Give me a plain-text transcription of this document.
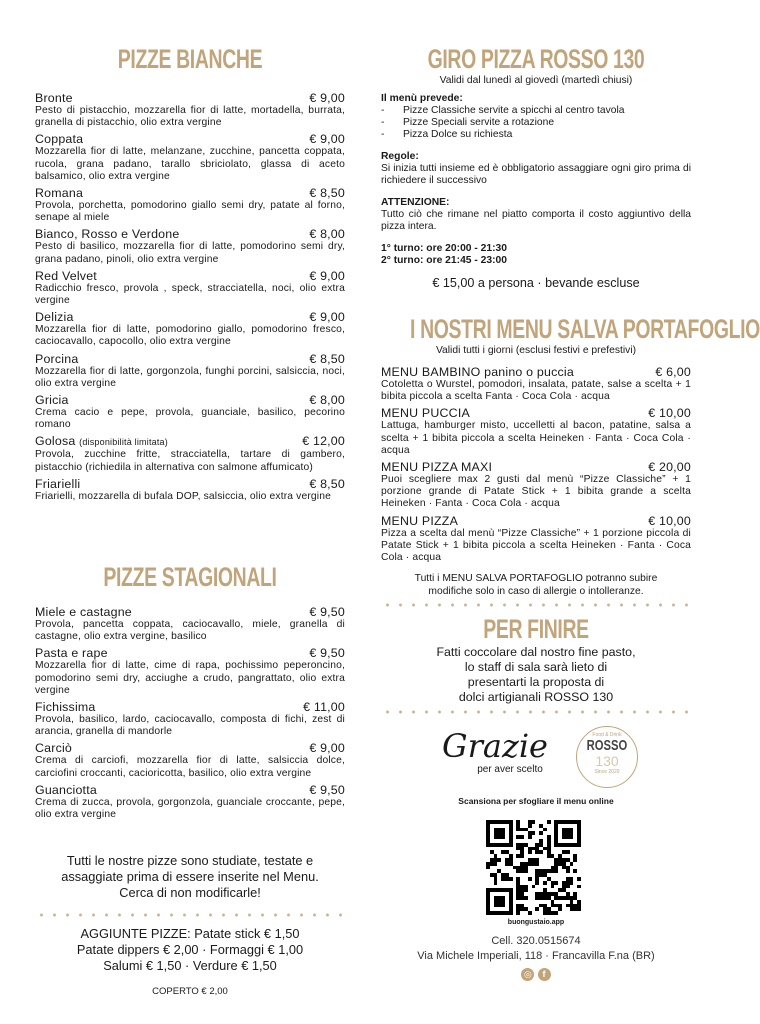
PIZZE BIANCHE
Bronte	€ 9,00
Pesto di pistacchio, mozzarella fior di latte, mortadella, burrata, granella di pistacchio, olio extra vergine
Coppata	€ 9,00
Mozzarella fior di latte, melanzane, zucchine, pancetta coppata, rucola, grana padano, tarallo sbriciolato, glassa di aceto balsamico, olio extra vergine
Romana	€ 8,50
Provola, porchetta, pomodorino giallo semi dry, patate al forno, senape al miele
Bianco, Rosso e Verdone	€ 8,00
Pesto di basilico, mozzarella fior di latte, pomodorino semi dry, grana padano, pinoli, olio extra vergine
Red Velvet	€ 9,00
Radicchio fresco, provola , speck, stracciatella, noci, olio extra vergine
Delizia	€ 9,00
Mozzarella fior di latte, pomodorino giallo, pomodorino fresco, caciocavallo, capocollo, olio extra vergine
Porcina	€ 8,50
Mozzarella fior di latte, gorgonzola, funghi porcini, salsiccia, noci, olio extra vergine
Gricia	€ 8,00
Crema cacio e pepe, provola, guanciale, basilico, pecorino romano
Golosa (disponibilità limitata)	€ 12,00
Provola, zucchine fritte, stracciatella, tartare di gambero, pistacchio (richiedila in alternativa con salmone affumicato)
Friarielli	€ 8,50
Friarielli, mozzarella di bufala DOP, salsiccia, olio extra vergine
PIZZE STAGIONALI
Miele e castagne	€ 9,50
Provola, pancetta coppata, caciocavallo, miele, granella di castagne, olio extra vergine, basilico
Pasta e rape	€ 9,50
Mozzarella fior di latte, cime di rapa, pochissimo peperoncino, pomodorino semi dry, acciughe a crudo, pangrattato, olio extra vergine
Fichissima	€ 11,00
Provola, basilico, lardo, caciocavallo, composta di fichi, zest di arancia, granella di mandorle
Carciò	€ 9,00
Crema di carciofi, mozzarella fior di latte, salsiccia dolce, carciofini croccanti, cacioricotta, basilico, olio extra vergine
Guanciotta	€ 9,50
Crema di zucca, provola, gorgonzola, guanciale croccante, pepe, olio extra vergine
Tutti le nostre pizze sono studiate, testate e
assaggiate prima di essere inserite nel Menu.
Cerca di non modificarle!
AGGIUNTE PIZZE: Patate stick € 1,50
Patate dippers € 2,00 · Formaggi € 1,00
Salumi € 1,50 · Verdure € 1,50
COPERTO € 2,00
GIRO PIZZA ROSSO 130
Validi dal lunedì al giovedì (martedì chiusi)
Il menù prevede:
-	Pizze Classiche servite a spicchi al centro tavola
-	Pizze Speciali servite a rotazione
-	Pizza Dolce su richiesta
Regole:
Si inizia tutti insieme ed è obbligatorio assaggiare ogni giro prima di richiedere il successivo
ATTENZIONE:
Tutto ciò che rimane nel piatto comporta il costo aggiuntivo della pizza intera.
1° turno: ore 20:00 - 21:30
2° turno: ore 21:45 - 23:00
€ 15,00 a persona · bevande escluse
I NOSTRI MENU SALVA PORTAFOGLIO
Validi tutti i giorni (esclusi festivi e prefestivi)
MENU BAMBINO panino o puccia	€ 6,00
Cotoletta o Wurstel, pomodori, insalata, patate, salse a scelta + 1 bibita piccola a scelta Fanta · Coca Cola · acqua
MENU PUCCIA	€ 10,00
Lattuga, hamburger misto, uccelletti al bacon, patatine, salsa a scelta + 1 bibita piccola a scelta Heineken · Fanta · Coca Cola · acqua
MENU PIZZA MAXI	€ 20,00
Puoi scegliere max 2 gusti dal menù “Pizze Classiche” + 1 porzione grande di Patate Stick + 1 bibita grande a scelta Heineken · Fanta · Coca Cola · acqua
MENU PIZZA	€ 10,00
Pizza a scelta dal menù “Pizze Classiche” + 1 porzione piccola di Patate Stick + 1 bibita piccola a scelta Heineken · Fanta · Coca Cola · acqua
Tutti i MENU SALVA PORTAFOGLIO potranno subire
modifiche solo in caso di allergie o intolleranze.
PER FINIRE
Fatti coccolare dal nostro fine pasto,
lo staff di sala sarà lieto di
presentarti la proposta di
dolci artigianali ROSSO 130
Grazie
per aver scelto
Food & Drink
ROSSO
130
Since 2020
Scansiona per sfogliare il menu online
buongustaio.app
Cell. 320.0515674
Via Michele Imperiali, 118 · Francavilla F.na (BR)
◎ f
